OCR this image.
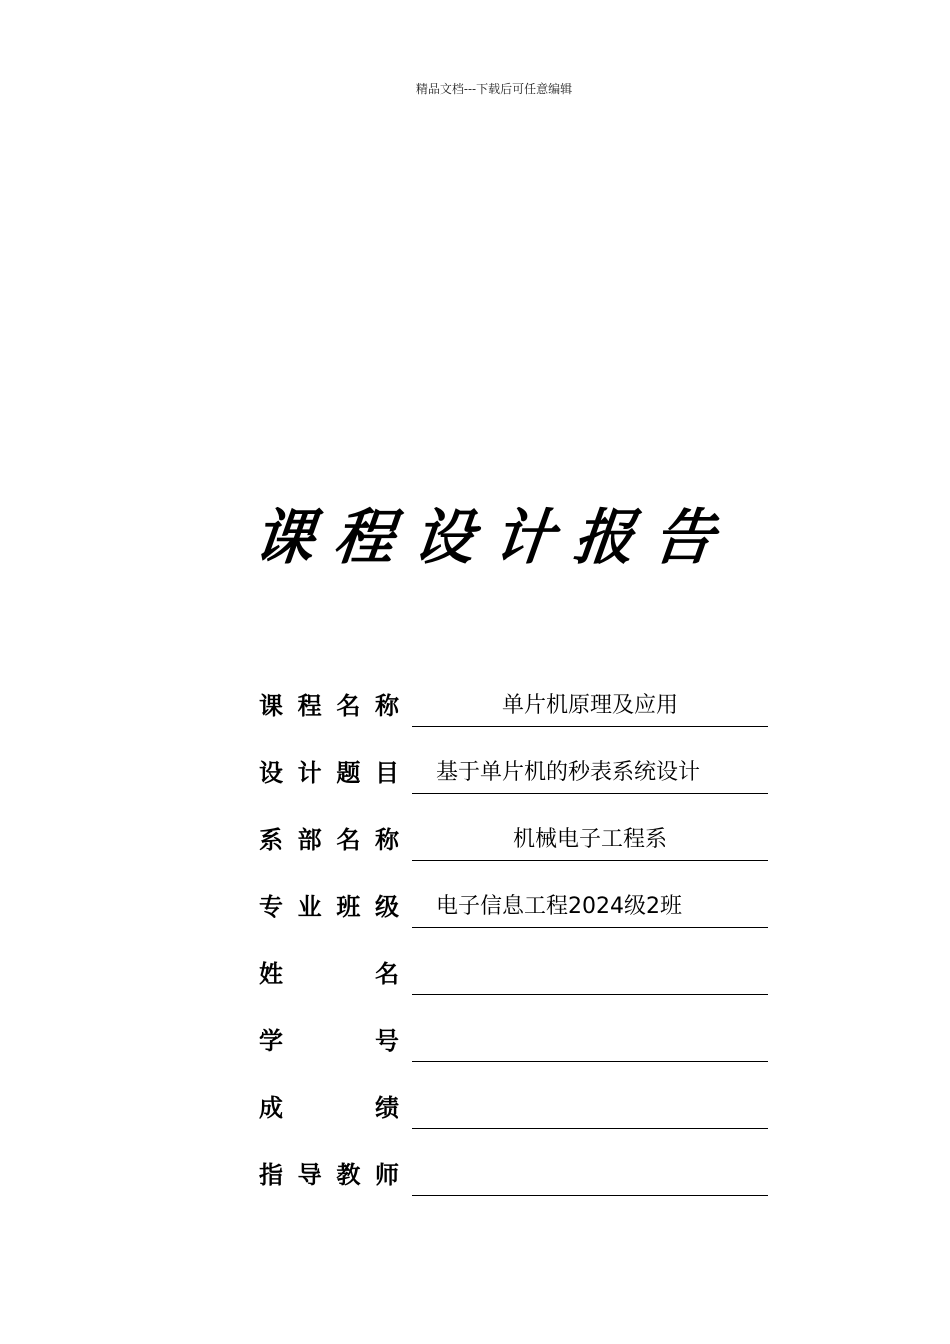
精品文档---下载后可任意编辑
课程设计报告
课程名称	单片机原理及应用
设计题目	基于单片机的秒表系统设计
系部名称	机械电子工程系
专业班级	电子信息工程2024级2班
姓名
学号
成绩
指导教师
